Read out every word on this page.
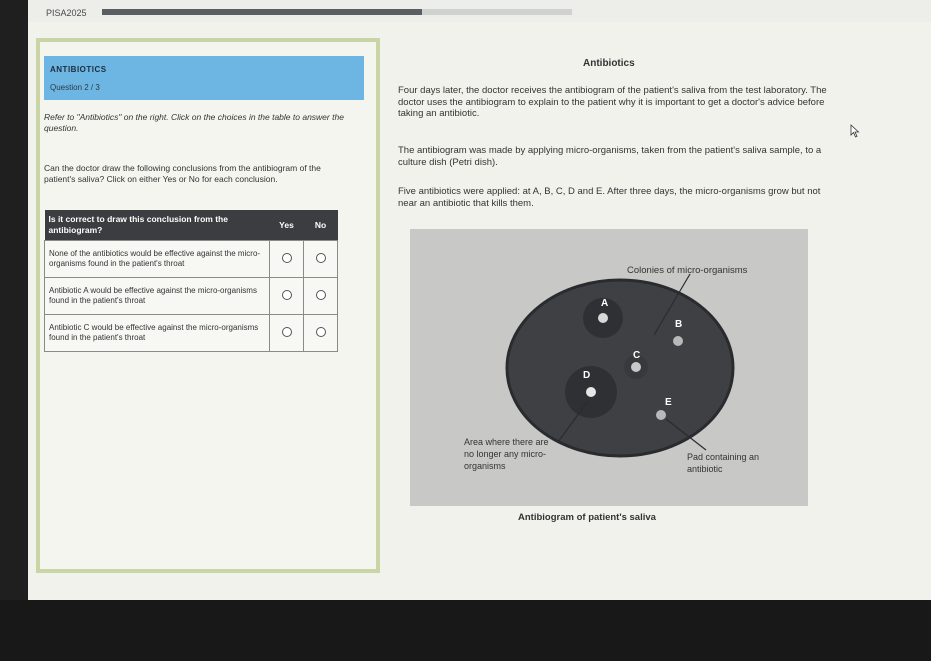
PISA2025
ANTIBIOTICS
Question 2 / 3
Refer to "Antibiotics" on the right. Click on the choices in the table to answer the question.
Can the doctor draw the following conclusions from the antibiogram of the patient's saliva? Click on either Yes or No for each conclusion.
Is it correct to draw this conclusion from the antibiogram?	Yes	No
None of the antibiotics would be effective against the micro-organisms found in the patient's throat		
Antibiotic A would be effective against the micro-organisms found in the patient's throat		
Antibiotic C would be effective against the micro-organisms found in the patient's throat		
Antibiotics
Four days later, the doctor receives the antibiogram of the patient's saliva from the test laboratory. The doctor uses the antibiogram to explain to the patient why it is important to get a doctor's advice before taking an antibiotic.
The antibiogram was made by applying micro-organisms, taken from the patient's saliva sample, to a culture dish (Petri dish).
Five antibiotics were applied: at A, B, C, D and E. After three days, the micro-organisms grow but not near an antibiotic that kills them.
A
B
C
D
E
Colonies of micro-organisms
Area where there are
no longer any micro-
organisms
Pad containing an
antibiotic
Antibiogram of patient's saliva
